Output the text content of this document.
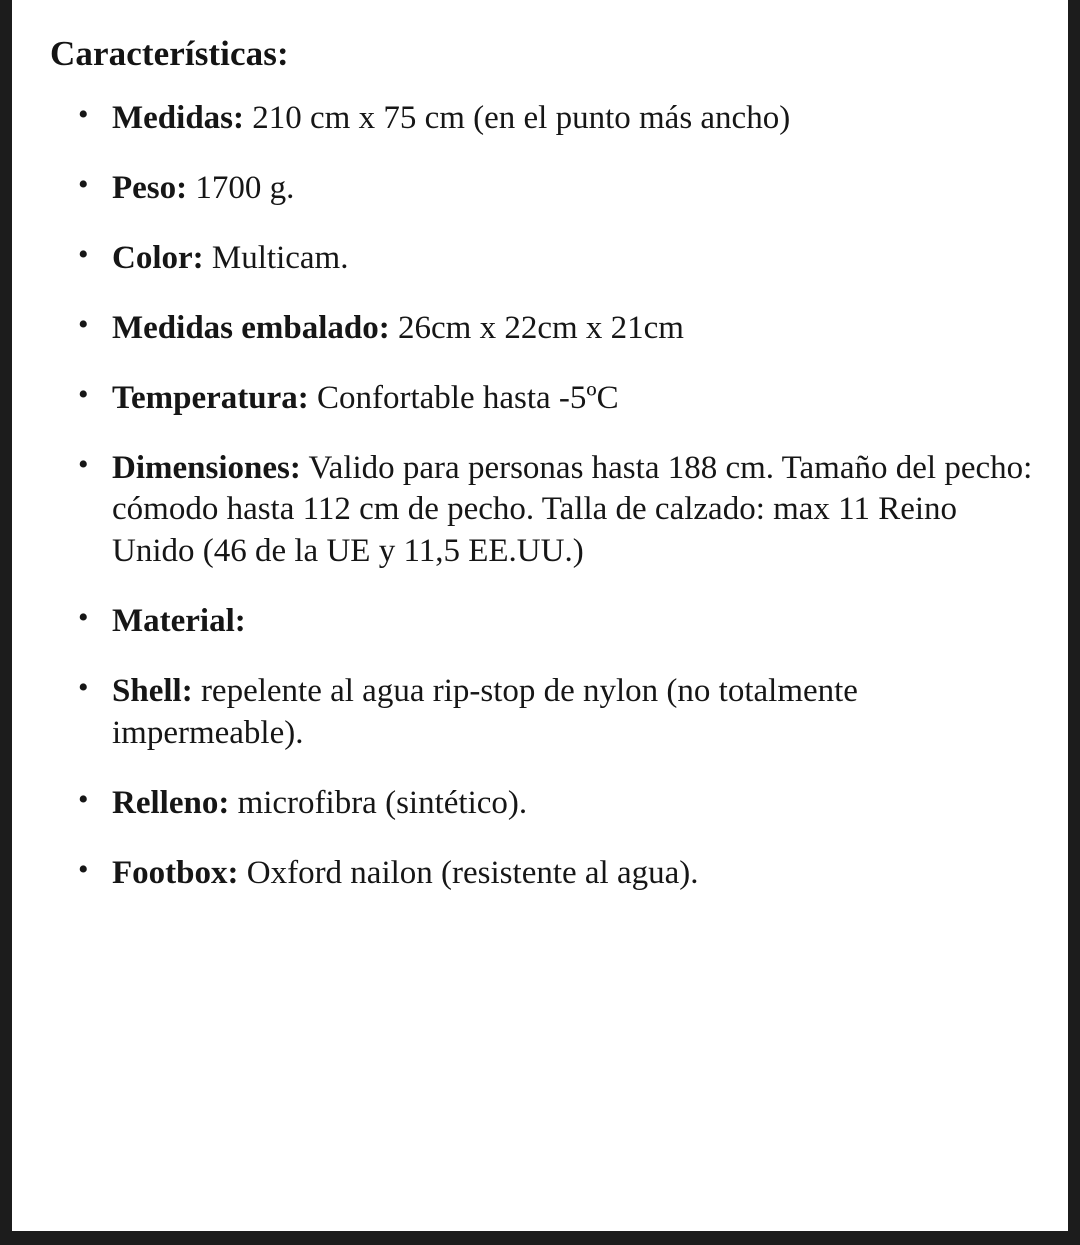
Características:
• Medidas: 210 cm x 75 cm (en el punto más ancho)
• Peso: 1700 g.
• Color: Multicam.
• Medidas embalado: 26cm x 22cm x 21cm
• Temperatura: Confortable hasta -5ºC
• Dimensiones: Valido para personas hasta 188 cm. Tamaño del pecho: cómodo hasta 112 cm de pecho. Talla de calzado: max 11 Reino Unido (46 de la UE y 11,5 EE.UU.)
• Material:
• Shell: repelente al agua rip-stop de nylon (no totalmente impermeable).
• Relleno: microfibra (sintético).
• Footbox: Oxford nailon (resistente al agua).
